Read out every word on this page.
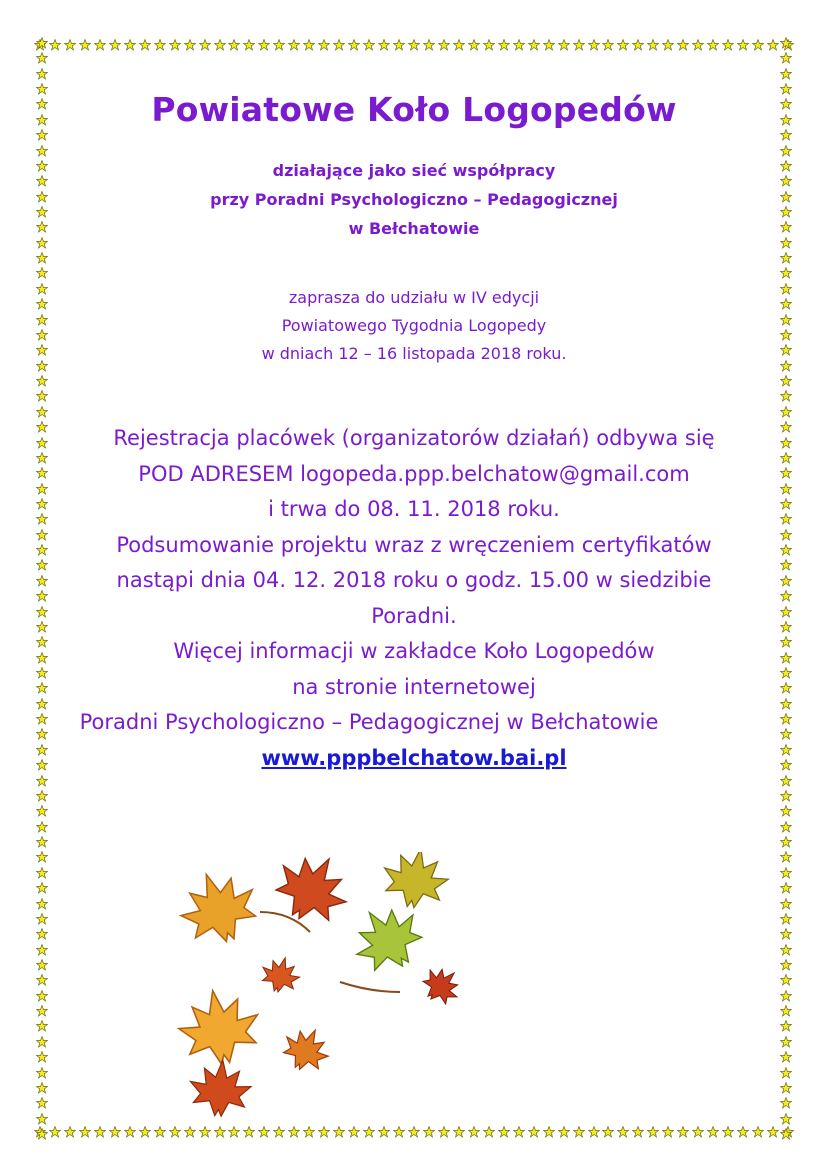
Powiatowe Koło Logopedów
działające jako sieć współpracy
przy Poradni Psychologiczno – Pedagogicznej
w Bełchatowie
zaprasza do udziału w IV edycji
Powiatowego Tygodnia Logopedy
w dniach 12 – 16 listopada 2018 roku.
Rejestracja placówek (organizatorów działań) odbywa się
POD ADRESEM logopeda.ppp.belchatow@gmail.com
i trwa do 08. 11. 2018 roku.
Podsumowanie projektu wraz z wręczeniem certyfikatów
nastąpi dnia 04. 12. 2018 roku o godz. 15.00 w siedzibie
Poradni.
Więcej informacji w zakładce Koło Logopedów
na stronie internetowej
Poradni Psychologiczno – Pedagogicznej w Bełchatowie
www.pppbelchatow.bai.pl
